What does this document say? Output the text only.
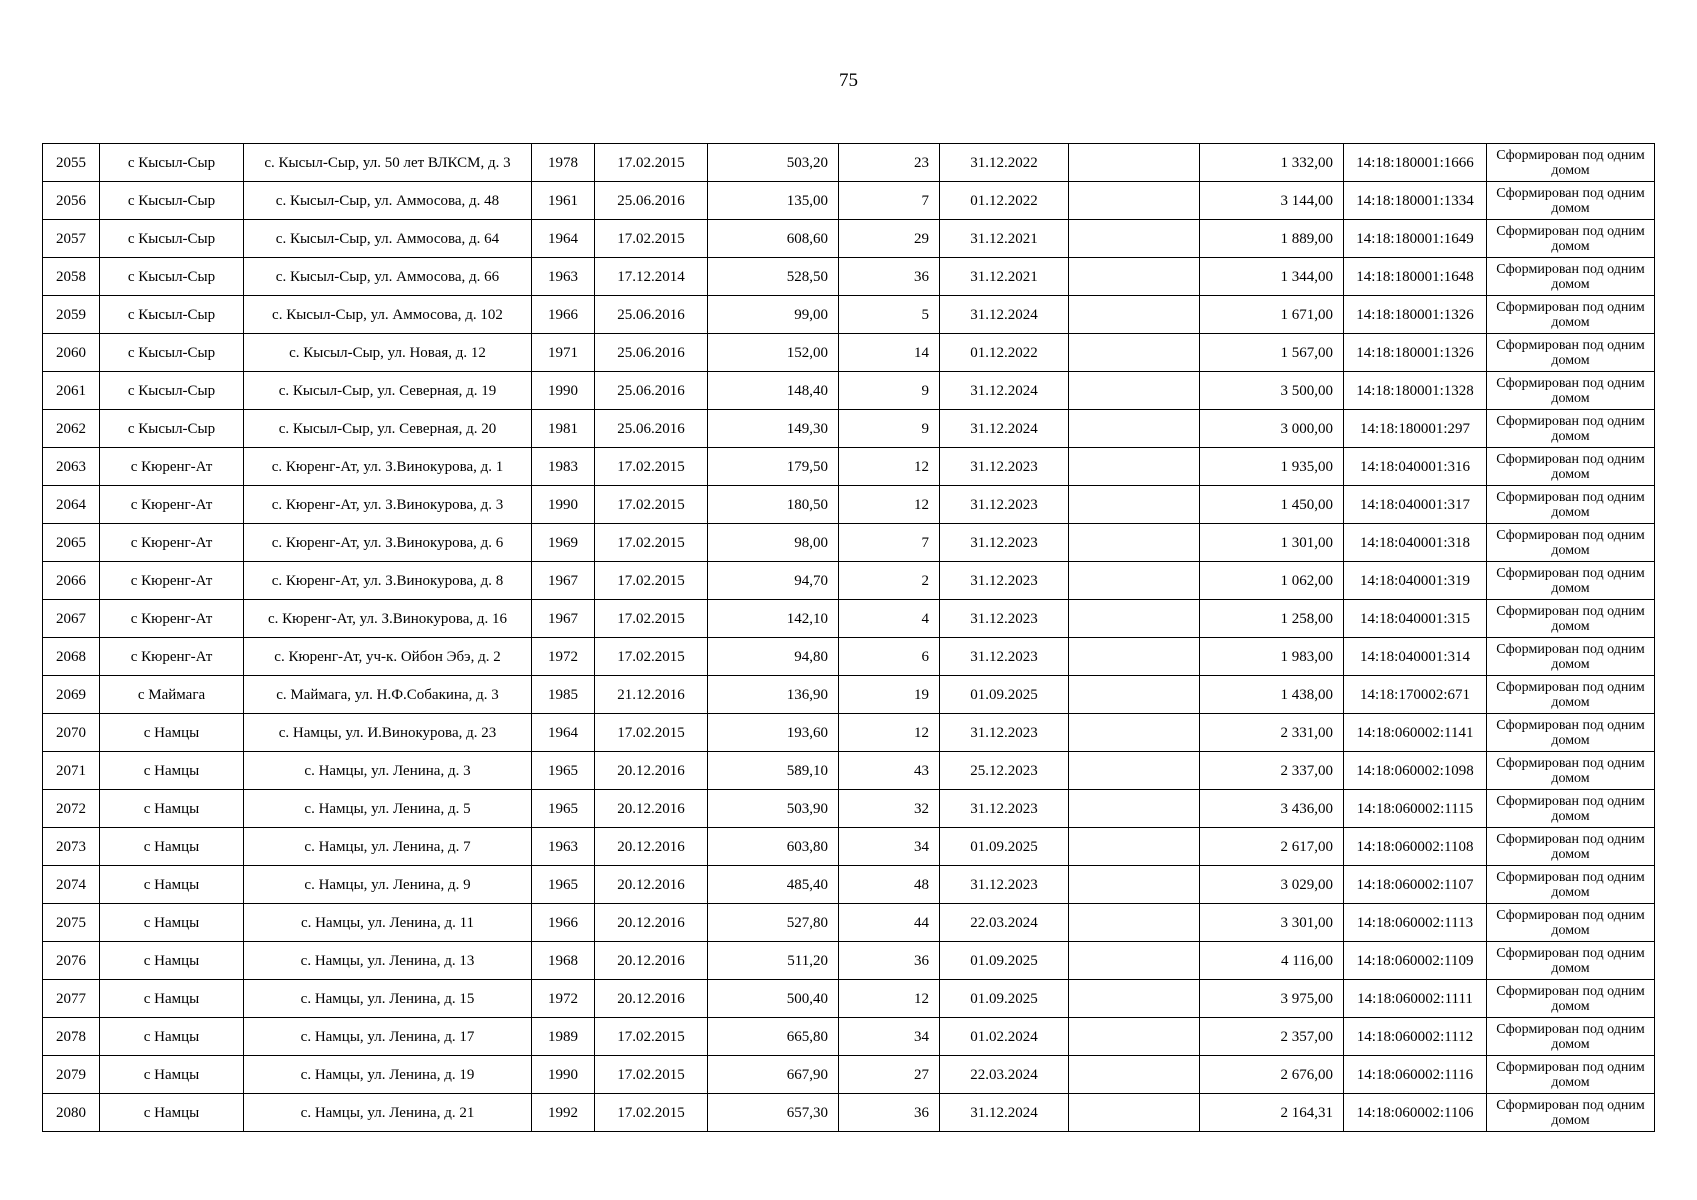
75
2055	с Кысыл-Сыр	с. Кысыл-Сыр, ул. 50 лет ВЛКСМ, д. 3	1978	17.02.2015	503,20	23	31.12.2022		1 332,00	14:18:180001:1666	Сформирован под одним домом
2056	с Кысыл-Сыр	с. Кысыл-Сыр, ул. Аммосова, д. 48	1961	25.06.2016	135,00	7	01.12.2022		3 144,00	14:18:180001:1334	Сформирован под одним домом
2057	с Кысыл-Сыр	с. Кысыл-Сыр, ул. Аммосова, д. 64	1964	17.02.2015	608,60	29	31.12.2021		1 889,00	14:18:180001:1649	Сформирован под одним домом
2058	с Кысыл-Сыр	с. Кысыл-Сыр, ул. Аммосова, д. 66	1963	17.12.2014	528,50	36	31.12.2021		1 344,00	14:18:180001:1648	Сформирован под одним домом
2059	с Кысыл-Сыр	с. Кысыл-Сыр, ул. Аммосова, д. 102	1966	25.06.2016	99,00	5	31.12.2024		1 671,00	14:18:180001:1326	Сформирован под одним домом
2060	с Кысыл-Сыр	с. Кысыл-Сыр, ул. Новая, д. 12	1971	25.06.2016	152,00	14	01.12.2022		1 567,00	14:18:180001:1326	Сформирован под одним домом
2061	с Кысыл-Сыр	с. Кысыл-Сыр, ул. Северная, д. 19	1990	25.06.2016	148,40	9	31.12.2024		3 500,00	14:18:180001:1328	Сформирован под одним домом
2062	с Кысыл-Сыр	с. Кысыл-Сыр, ул. Северная, д. 20	1981	25.06.2016	149,30	9	31.12.2024		3 000,00	14:18:180001:297	Сформирован под одним домом
2063	с Кюренг-Ат	с. Кюренг-Ат, ул. З.Винокурова, д. 1	1983	17.02.2015	179,50	12	31.12.2023		1 935,00	14:18:040001:316	Сформирован под одним домом
2064	с Кюренг-Ат	с. Кюренг-Ат, ул. З.Винокурова, д. 3	1990	17.02.2015	180,50	12	31.12.2023		1 450,00	14:18:040001:317	Сформирован под одним домом
2065	с Кюренг-Ат	с. Кюренг-Ат, ул. З.Винокурова, д. 6	1969	17.02.2015	98,00	7	31.12.2023		1 301,00	14:18:040001:318	Сформирован под одним домом
2066	с Кюренг-Ат	с. Кюренг-Ат, ул. З.Винокурова, д. 8	1967	17.02.2015	94,70	2	31.12.2023		1 062,00	14:18:040001:319	Сформирован под одним домом
2067	с Кюренг-Ат	с. Кюренг-Ат, ул. З.Винокурова, д. 16	1967	17.02.2015	142,10	4	31.12.2023		1 258,00	14:18:040001:315	Сформирован под одним домом
2068	с Кюренг-Ат	с. Кюренг-Ат, уч-к. Ойбон Эбэ, д. 2	1972	17.02.2015	94,80	6	31.12.2023		1 983,00	14:18:040001:314	Сформирован под одним домом
2069	с Маймага	с. Маймага, ул. Н.Ф.Собакина, д. 3	1985	21.12.2016	136,90	19	01.09.2025		1 438,00	14:18:170002:671	Сформирован под одним домом
2070	с Намцы	с. Намцы, ул. И.Винокурова, д. 23	1964	17.02.2015	193,60	12	31.12.2023		2 331,00	14:18:060002:1141	Сформирован под одним домом
2071	с Намцы	с. Намцы, ул. Ленина, д. 3	1965	20.12.2016	589,10	43	25.12.2023		2 337,00	14:18:060002:1098	Сформирован под одним домом
2072	с Намцы	с. Намцы, ул. Ленина, д. 5	1965	20.12.2016	503,90	32	31.12.2023		3 436,00	14:18:060002:1115	Сформирован под одним домом
2073	с Намцы	с. Намцы, ул. Ленина, д. 7	1963	20.12.2016	603,80	34	01.09.2025		2 617,00	14:18:060002:1108	Сформирован под одним домом
2074	с Намцы	с. Намцы, ул. Ленина, д. 9	1965	20.12.2016	485,40	48	31.12.2023		3 029,00	14:18:060002:1107	Сформирован под одним домом
2075	с Намцы	с. Намцы, ул. Ленина, д. 11	1966	20.12.2016	527,80	44	22.03.2024		3 301,00	14:18:060002:1113	Сформирован под одним домом
2076	с Намцы	с. Намцы, ул. Ленина, д. 13	1968	20.12.2016	511,20	36	01.09.2025		4 116,00	14:18:060002:1109	Сформирован под одним домом
2077	с Намцы	с. Намцы, ул. Ленина, д. 15	1972	20.12.2016	500,40	12	01.09.2025		3 975,00	14:18:060002:1111	Сформирован под одним домом
2078	с Намцы	с. Намцы, ул. Ленина, д. 17	1989	17.02.2015	665,80	34	01.02.2024		2 357,00	14:18:060002:1112	Сформирован под одним домом
2079	с Намцы	с. Намцы, ул. Ленина, д. 19	1990	17.02.2015	667,90	27	22.03.2024		2 676,00	14:18:060002:1116	Сформирован под одним домом
2080	с Намцы	с. Намцы, ул. Ленина, д. 21	1992	17.02.2015	657,30	36	31.12.2024		2 164,31	14:18:060002:1106	Сформирован под одним домом
